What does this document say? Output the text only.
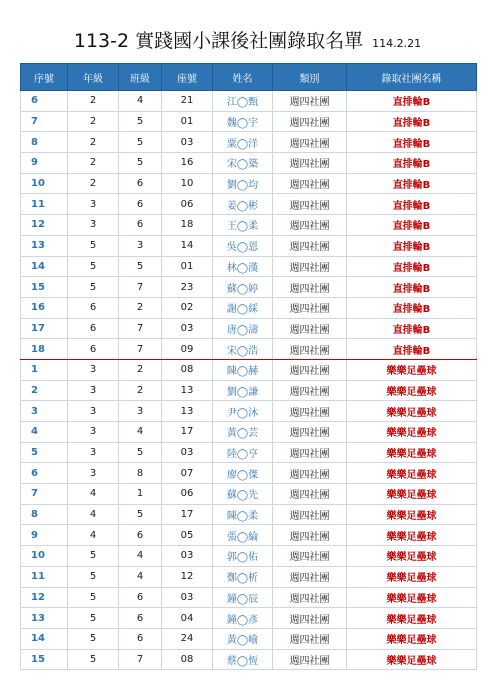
113-2 實踐國小課後社團錄取名單 114.2.21
序號	年級	班級	座號	姓名	類別	錄取社團名稱
6	2	4	21	江◯甄	週四社團	直排輪B
7	2	5	01	魏◯宇	週四社團	直排輪B
8	2	5	03	粟◯洋	週四社團	直排輪B
9	2	5	16	宋◯築	週四社團	直排輪B
10	2	6	10	劉◯均	週四社團	直排輪B
11	3	6	06	姜◯彬	週四社團	直排輪B
12	3	6	18	王◯柔	週四社團	直排輪B
13	5	3	14	吳◯恩	週四社團	直排輪B
14	5	5	01	林◯漢	週四社團	直排輪B
15	5	7	23	蘇◯婷	週四社團	直排輪B
16	6	2	02	謝◯綵	週四社團	直排輪B
17	6	7	03	唐◯濤	週四社團	直排輪B
18	6	7	09	宋◯浩	週四社團	直排輪B
1	3	2	08	陳◯赫	週四社團	樂樂足壘球
2	3	2	13	劉◯謙	週四社團	樂樂足壘球
3	3	3	13	尹◯沐	週四社團	樂樂足壘球
4	3	4	17	黃◯芸	週四社團	樂樂足壘球
5	3	5	03	陸◯亨	週四社團	樂樂足壘球
6	3	8	07	廖◯傑	週四社團	樂樂足壘球
7	4	1	06	蘇◯先	週四社團	樂樂足壘球
8	4	5	17	陳◯柔	週四社團	樂樂足壘球
9	4	6	05	張◯綸	週四社團	樂樂足壘球
10	5	4	03	郭◯佑	週四社團	樂樂足壘球
11	5	4	12	鄭◯析	週四社團	樂樂足壘球
12	5	6	03	鐘◯辰	週四社團	樂樂足壘球
13	5	6	04	鐘◯彥	週四社團	樂樂足壘球
14	5	6	24	黃◯喻	週四社團	樂樂足壘球
15	5	7	08	蔡◯恆	週四社團	樂樂足壘球
